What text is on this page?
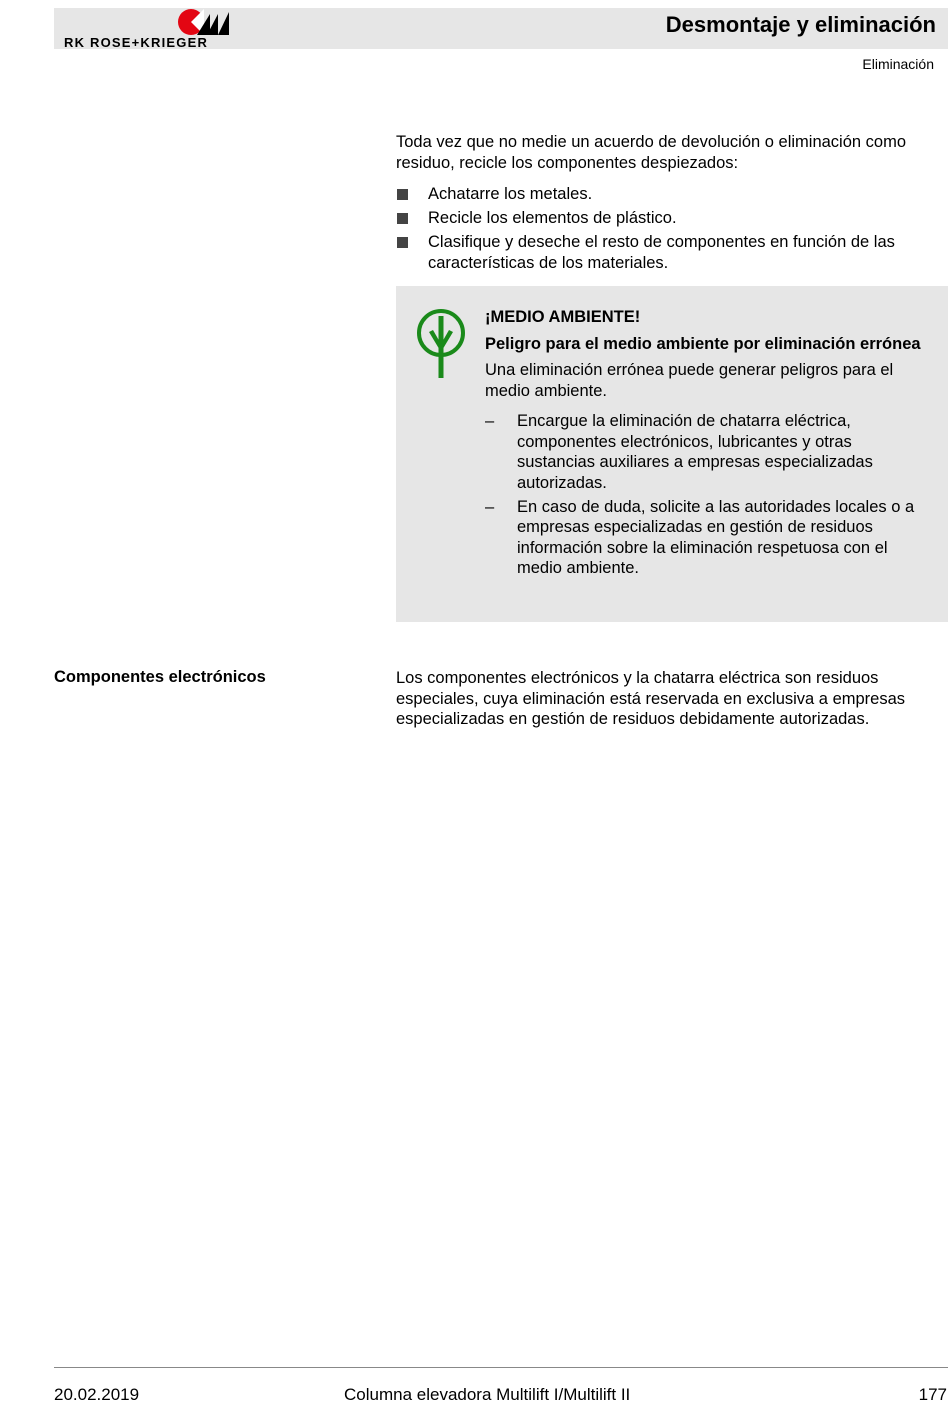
RK ROSE+KRIEGER
Desmontaje y eliminación
Eliminación

Toda vez que no medie un acuerdo de devolución o eliminación como residuo, recicle los componentes despiezados:

Achatarre los metales.
Recicle los elementos de plástico.
Clasifique y deseche el resto de componentes en función de las características de los materiales.

¡MEDIO AMBIENTE!

Peligro para el medio ambiente por eliminación errónea

Una eliminación errónea puede generar peligros para el medio ambiente.

– Encargue la eliminación de chatarra eléctrica, componentes electrónicos, lubricantes y otras sustancias auxiliares a empresas especializadas autorizadas.
– En caso de duda, solicite a las autoridades locales o a empresas especializadas en gestión de residuos información sobre la eliminación respetuosa con el medio ambiente.
Componentes electrónicos	Los componentes electrónicos y la chatarra eléctrica son residuos especiales, cuya eliminación está reservada en exclusiva a empresas especializadas en gestión de residuos debidamente autorizadas.

20.02.2019	Columna elevadora Multilift I/Multilift II	177
